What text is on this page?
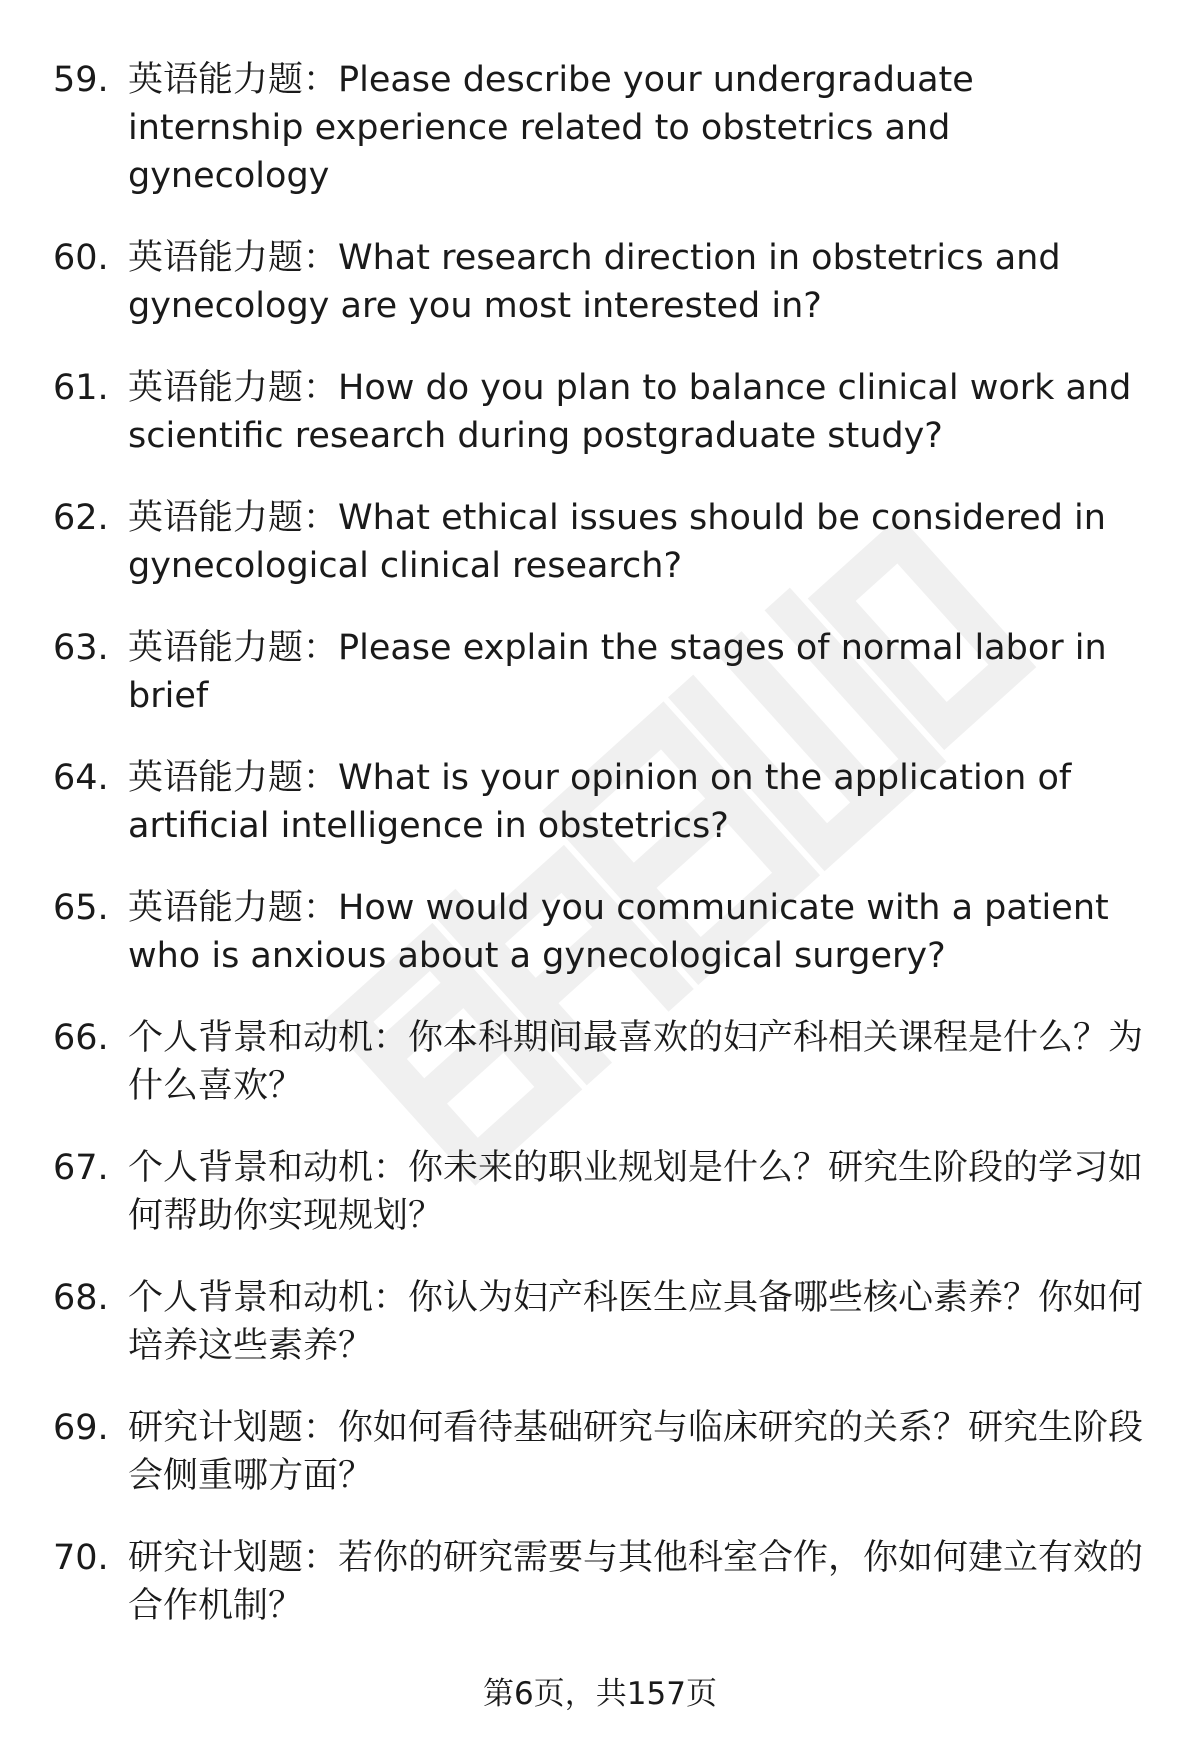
59. 英语能力题：Please describe your undergraduate internship experience related to obstetrics and gynecology
60. 英语能力题：What research direction in obstetrics and gynecology are you most interested in?
61. 英语能力题：How do you plan to balance clinical work and scientific research during postgraduate study?
62. 英语能力题：What ethical issues should be considered in gynecological clinical research?
63. 英语能力题：Please explain the stages of normal labor in brief
64. 英语能力题：What is your opinion on the application of artificial intelligence in obstetrics?
65. 英语能力题：How would you communicate with a patient who is anxious about a gynecological surgery?
66. 个人背景和动机：你本科期间最喜欢的妇产科相关课程是什么？为什么喜欢？
67. 个人背景和动机：你未来的职业规划是什么？研究生阶段的学习如何帮助你实现规划？
68. 个人背景和动机：你认为妇产科医生应具备哪些核心素养？你如何培养这些素养？
69. 研究计划题：你如何看待基础研究与临床研究的关系？研究生阶段会侧重哪方面？
70. 研究计划题：若你的研究需要与其他科室合作，你如何建立有效的合作机制？
第6页，共157页
